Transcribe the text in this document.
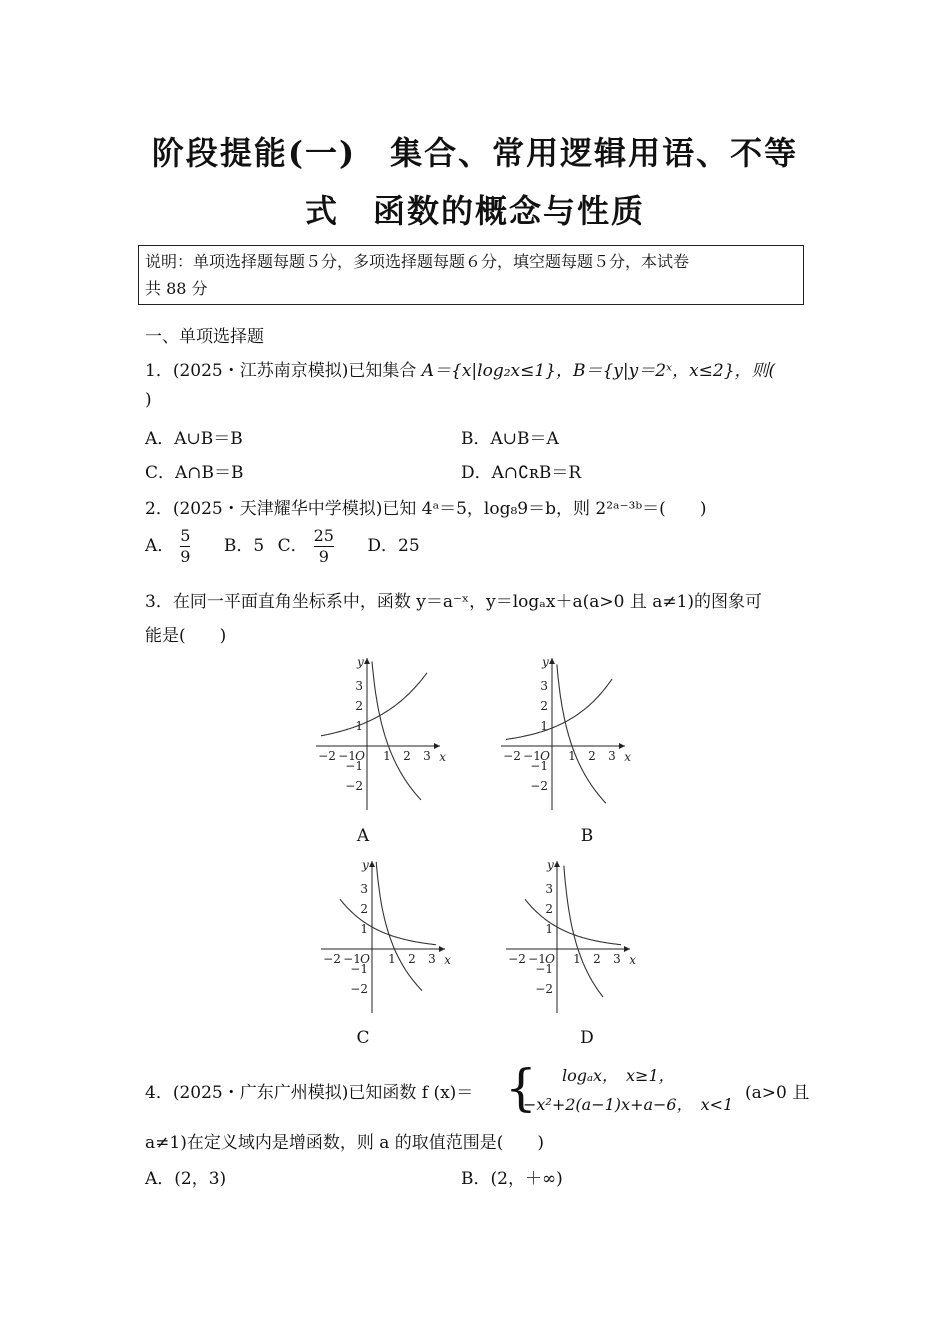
阶段提能(一)　集合、常用逻辑用语、不等
式　函数的概念与性质
说明：单项选择题每题５分，多项选择题每题６分，填空题每题５分，本试卷
共 88 分
一、单项选择题
1．(2025・江苏南京模拟)已知集合 A＝{x|log₂x≤1}，B＝{y|y＝2ˣ，x≤2}，则(
)
A．A∪B＝B	B．A∪B＝A
C．A∩B＝B	D．A∩∁ʀB＝R
2．(2025・天津耀华中学模拟)已知 4ᵃ＝5，log₈9＝b，则 2²ᵃ⁻³ᵇ＝(　　)
A． $\frac{5}{9}$ B．5 C． $\frac{25}{9}$ D．25
3．在同一平面直角坐标系中，函数 y＝a⁻ˣ，y＝logₐx＋a(a>0 且 a≠1)的图象可
能是(　　)
x
y
O
−2 −1 1 2 3
3
2
1
−1
−2
x
y
O
−2 −1 1 2 3
3
2
1
−1
−2
x
y
O
−2 −1 1 2 3
3
2
1
−1
−2
x
y
O
−2 −1 1 2 3
3
2
1
−1
−2
A	B
C	D
4．(2025・广东广州模拟)已知函数 f (x)＝ { logₐx，　x≥1，
−x²+2(a−1)x+a−6，　x<1
(a>0 且
a≠1)在定义域内是增函数，则 a 的取值范围是(　　)
A．(2，3)	B．(2，＋∞)
